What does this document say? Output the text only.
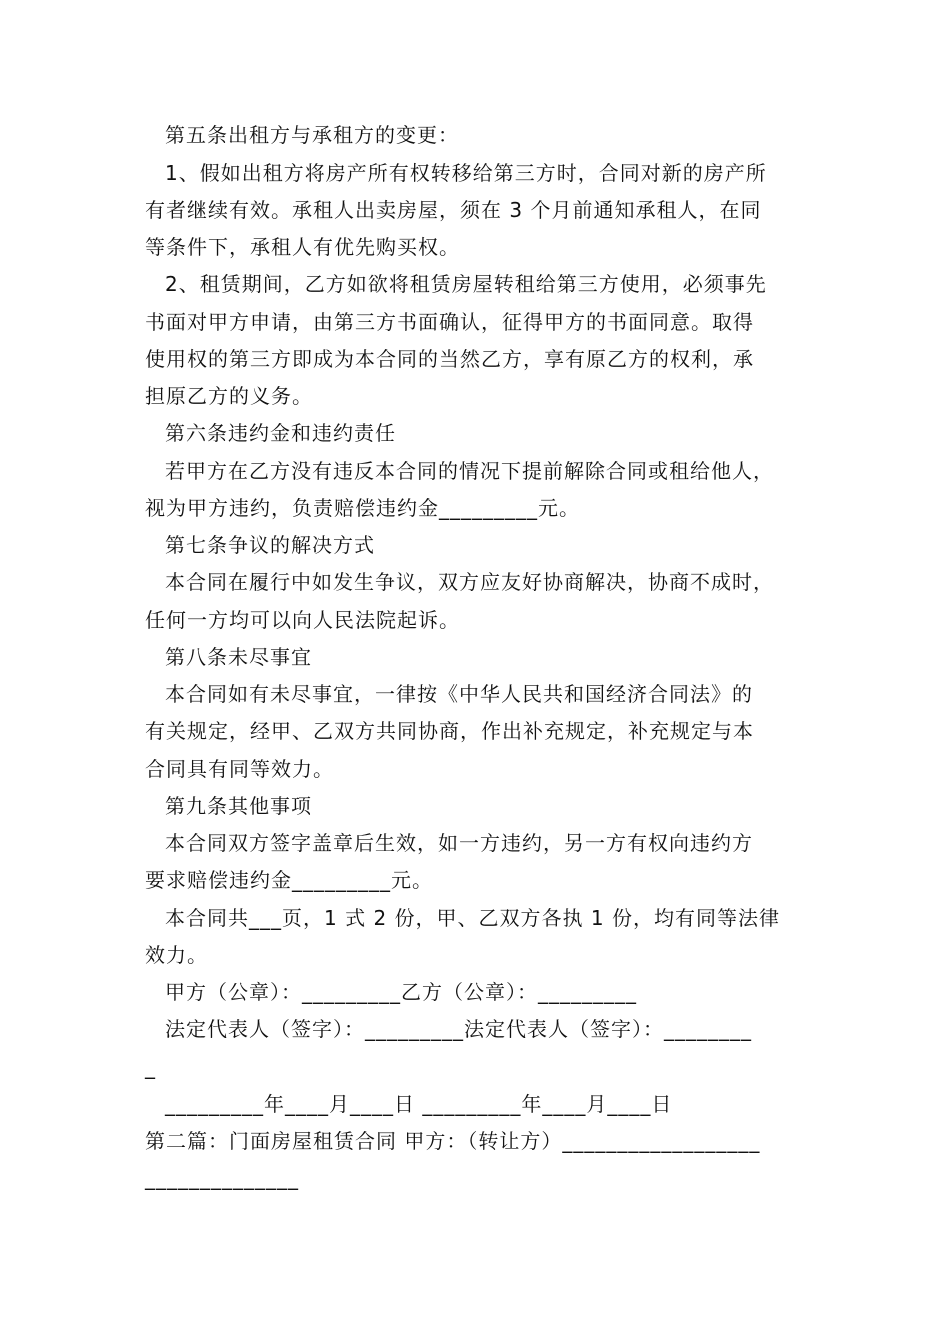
第五条出租方与承租方的变更：
1、假如出租方将房产所有权转移给第三方时，合同对新的房产所
有者继续有效。承租人出卖房屋，须在 3 个月前通知承租人，在同
等条件下，承租人有优先购买权。
2、租赁期间，乙方如欲将租赁房屋转租给第三方使用，必须事先
书面对甲方申请，由第三方书面确认，征得甲方的书面同意。取得
使用权的第三方即成为本合同的当然乙方，享有原乙方的权利，承
担原乙方的义务。
第六条违约金和违约责任
若甲方在乙方没有违反本合同的情况下提前解除合同或租给他人，
视为甲方违约，负责赔偿违约金_________元。
第七条争议的解决方式
本合同在履行中如发生争议，双方应友好协商解决，协商不成时，
任何一方均可以向人民法院起诉。
第八条未尽事宜
本合同如有未尽事宜，一律按《中华人民共和国经济合同法》的
有关规定，经甲、乙双方共同协商，作出补充规定，补充规定与本
合同具有同等效力。
第九条其他事项
本合同双方签字盖章后生效，如一方违约，另一方有权向违约方
要求赔偿违约金_________元。
本合同共___页，1 式 2 份，甲、乙双方各执 1 份，均有同等法律
效力。
甲方（公章）：_________乙方（公章）：_________
法定代表人（签字）：_________法定代表人（签字）：________
_
_________年____月____日 _________年____月____日
第二篇：门面房屋租赁合同 甲方：（转让方）__________________
______________
